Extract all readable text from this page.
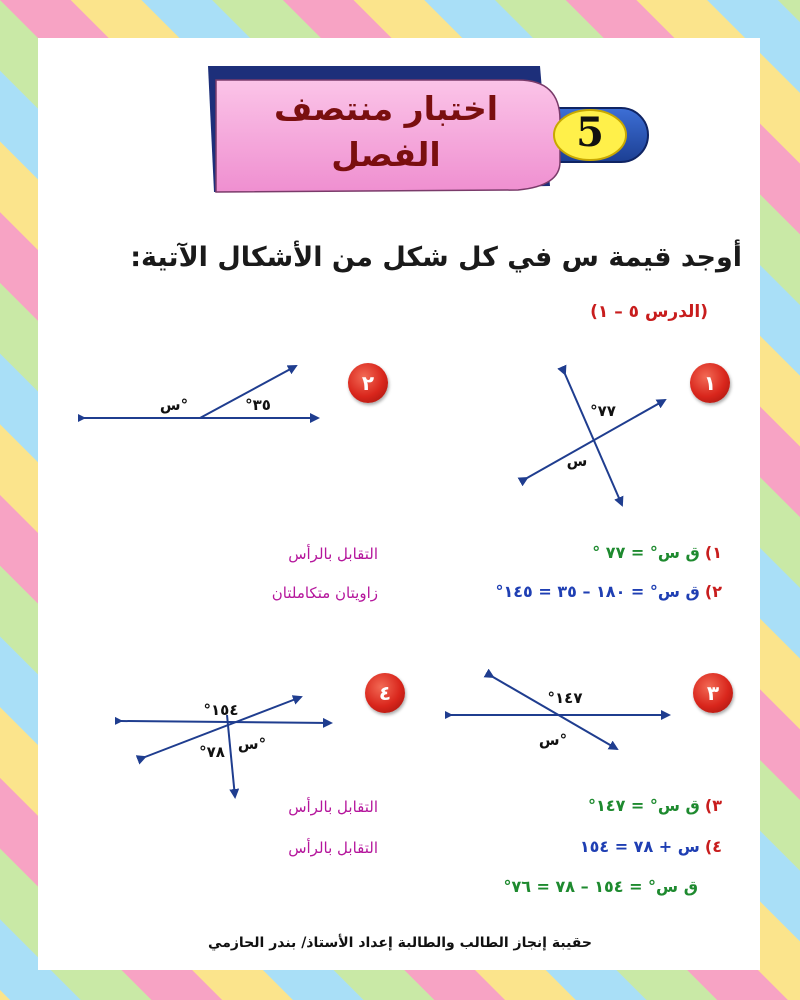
5
اختبار منتصف
الفصل
أوجد قيمة س في كل شكل من الأشكال الآتية:
(الدرس ٥ – ١)
١
٢
٣
٤
°٧٧
س
°٣٥
س°
°١٤٧
س°
°١٥٤
°٧٨ س°
١) ق س° = ٧٧ °
التقابل بالرأس
٢) ق س° = ١٨٠ – ٣٥ = ١٤٥°
زاويتان متكاملتان
٣) ق س° = ١٤٧°
التقابل بالرأس
٤) س + ٧٨ = ١٥٤
التقابل بالرأس
ق س° = ١٥٤ – ٧٨ = ٧٦°
حقيبة إنجاز الطالب والطالبة إعداد الأستاذ/ بندر الحازمي
